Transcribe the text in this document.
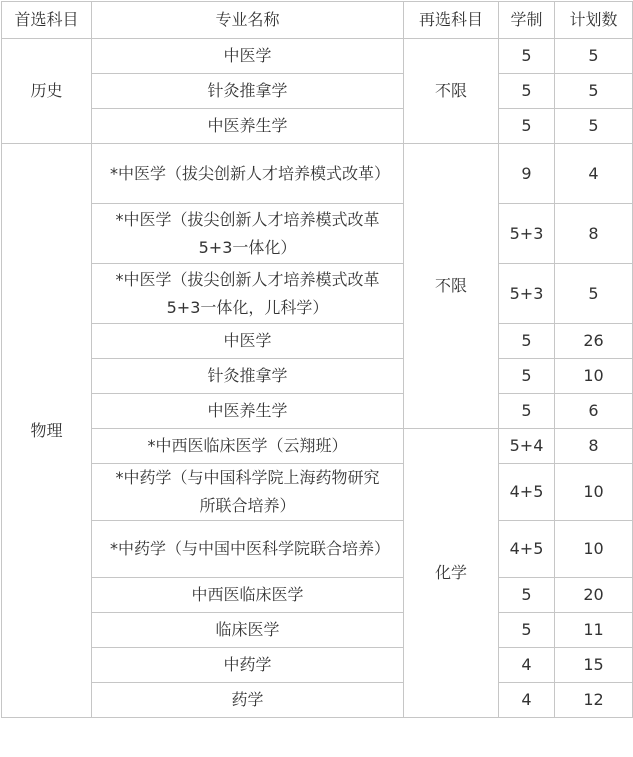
首选科目	专业名称	再选科目	学制	计划数
历史	中医学	不限	5	5
	针灸推拿学		5	5
	中医养生学		5	5
物理	*中医学（拔尖创新人才培养模式改革）	不限	9	4
	*中医学（拔尖创新人才培养模式改革5+3一体化）		5+3	8
	*中医学（拔尖创新人才培养模式改革5+3一体化，儿科学）		5+3	5
	中医学		5	26
	针灸推拿学		5	10
	中医养生学		5	6
	*中西医临床医学（云翔班）	化学	5+4	8
	*中药学（与中国科学院上海药物研究所联合培养）		4+5	10
	*中药学（与中国中医科学院联合培养）		4+5	10
	中西医临床医学		5	20
	临床医学		5	11
	中药学		4	15
	药学		4	12
